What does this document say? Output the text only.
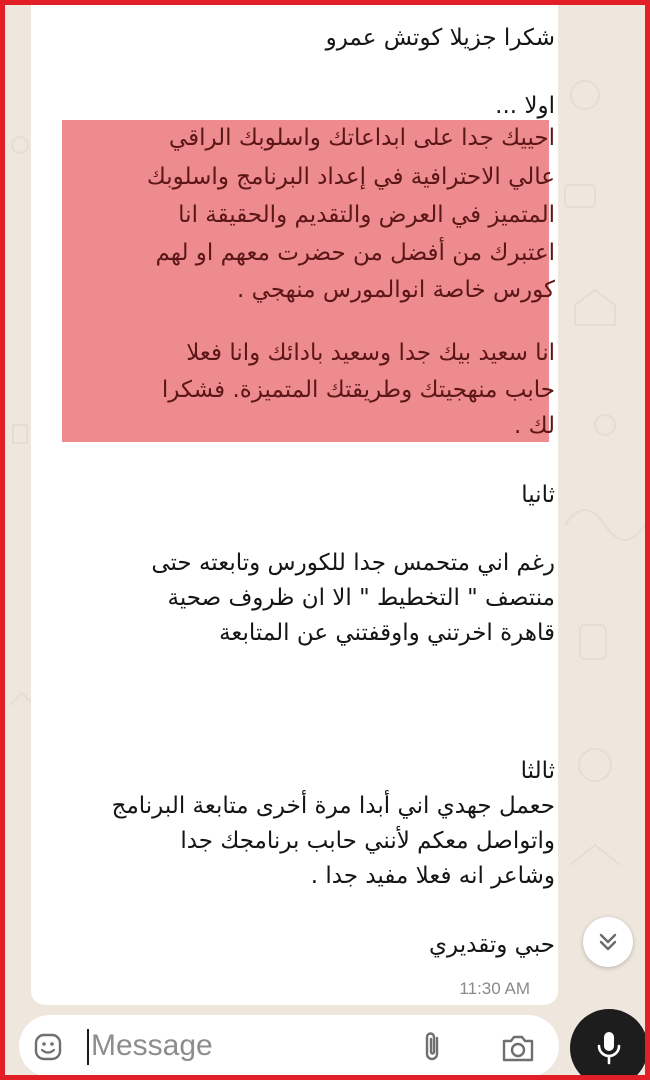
شكرا جزيلا كوتش عمرو
اولا ...
احييك جدا على ابداعاتك واسلوبك الراقي
عالي الاحترافية في إعداد البرنامج واسلوبك
المتميز في العرض والتقديم والحقيقة انا
اعتبرك من أفضل من حضرت معهم او لهم
كورس خاصة انوالمورس منهجي .
انا سعيد بيك جدا وسعيد بادائك وانا فعلا
حابب منهجيتك وطريقتك المتميزة. فشكرا
لك .
ثانيا
رغم اني متحمس جدا للكورس وتابعته حتى
منتصف " التخطيط " الا ان ظروف صحية
قاهرة اخرتني واوقفتني عن المتابعة
ثالثا
حعمل جهدي اني أبدا مرة أخرى متابعة البرنامج
واتواصل معكم لأنني حابب برنامجك جدا
وشاعر انه فعلا مفيد جدا .
حبي وتقديري
11:30 AM
Message
